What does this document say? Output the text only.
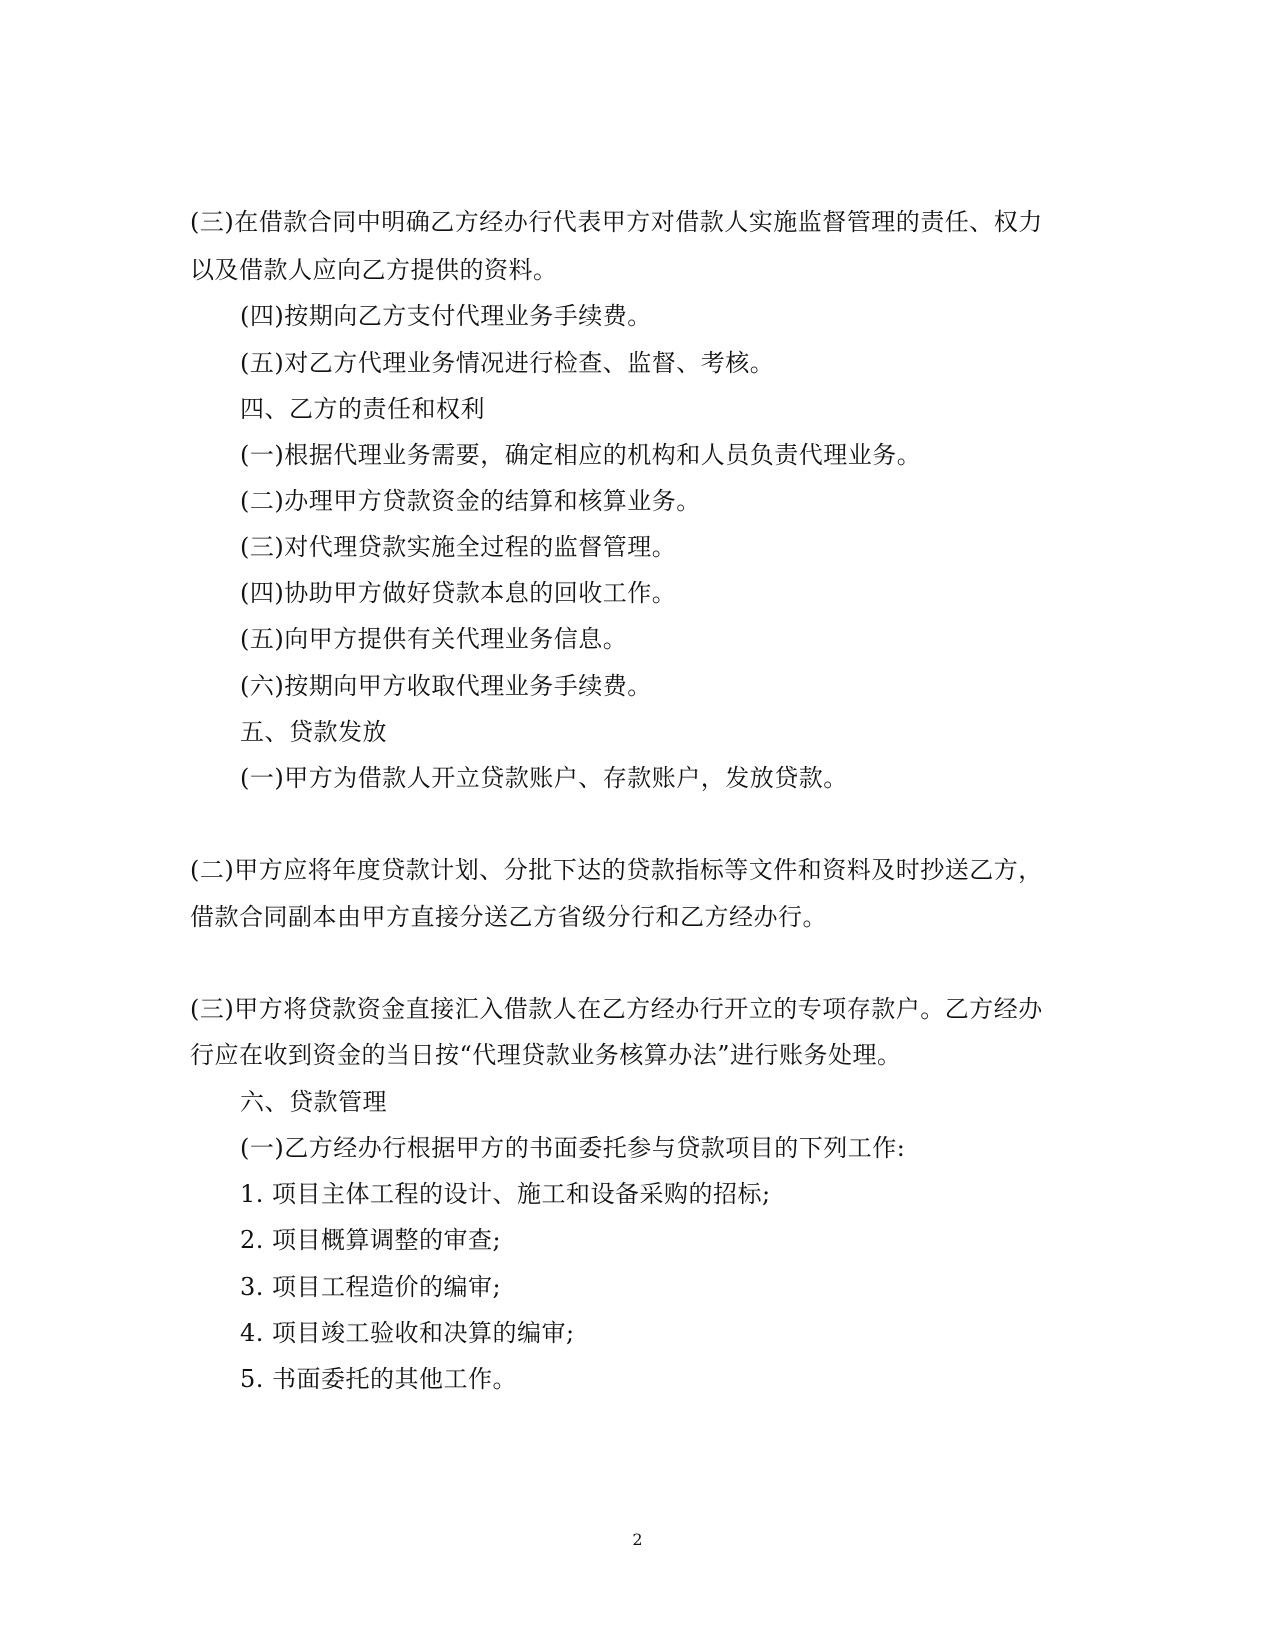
(三)在借款合同中明确乙方经办行代表甲方对借款人实施监督管理的责任、权力
以及借款人应向乙方提供的资料。
(四)按期向乙方支付代理业务手续费。
(五)对乙方代理业务情况进行检查、监督、考核。
四、乙方的责任和权利
(一)根据代理业务需要，确定相应的机构和人员负责代理业务。
(二)办理甲方贷款资金的结算和核算业务。
(三)对代理贷款实施全过程的监督管理。
(四)协助甲方做好贷款本息的回收工作。
(五)向甲方提供有关代理业务信息。
(六)按期向甲方收取代理业务手续费。
五、贷款发放
(一)甲方为借款人开立贷款账户、存款账户，发放贷款。
(二)甲方应将年度贷款计划、分批下达的贷款指标等文件和资料及时抄送乙方，
借款合同副本由甲方直接分送乙方省级分行和乙方经办行。
(三)甲方将贷款资金直接汇入借款人在乙方经办行开立的专项存款户。乙方经办
行应在收到资金的当日按“代理贷款业务核算办法”进行账务处理。
六、贷款管理
(一)乙方经办行根据甲方的书面委托参与贷款项目的下列工作:
1. 项目主体工程的设计、施工和设备采购的招标;
2. 项目概算调整的审查;
3. 项目工程造价的编审;
4. 项目竣工验收和决算的编审;
5. 书面委托的其他工作。
2
